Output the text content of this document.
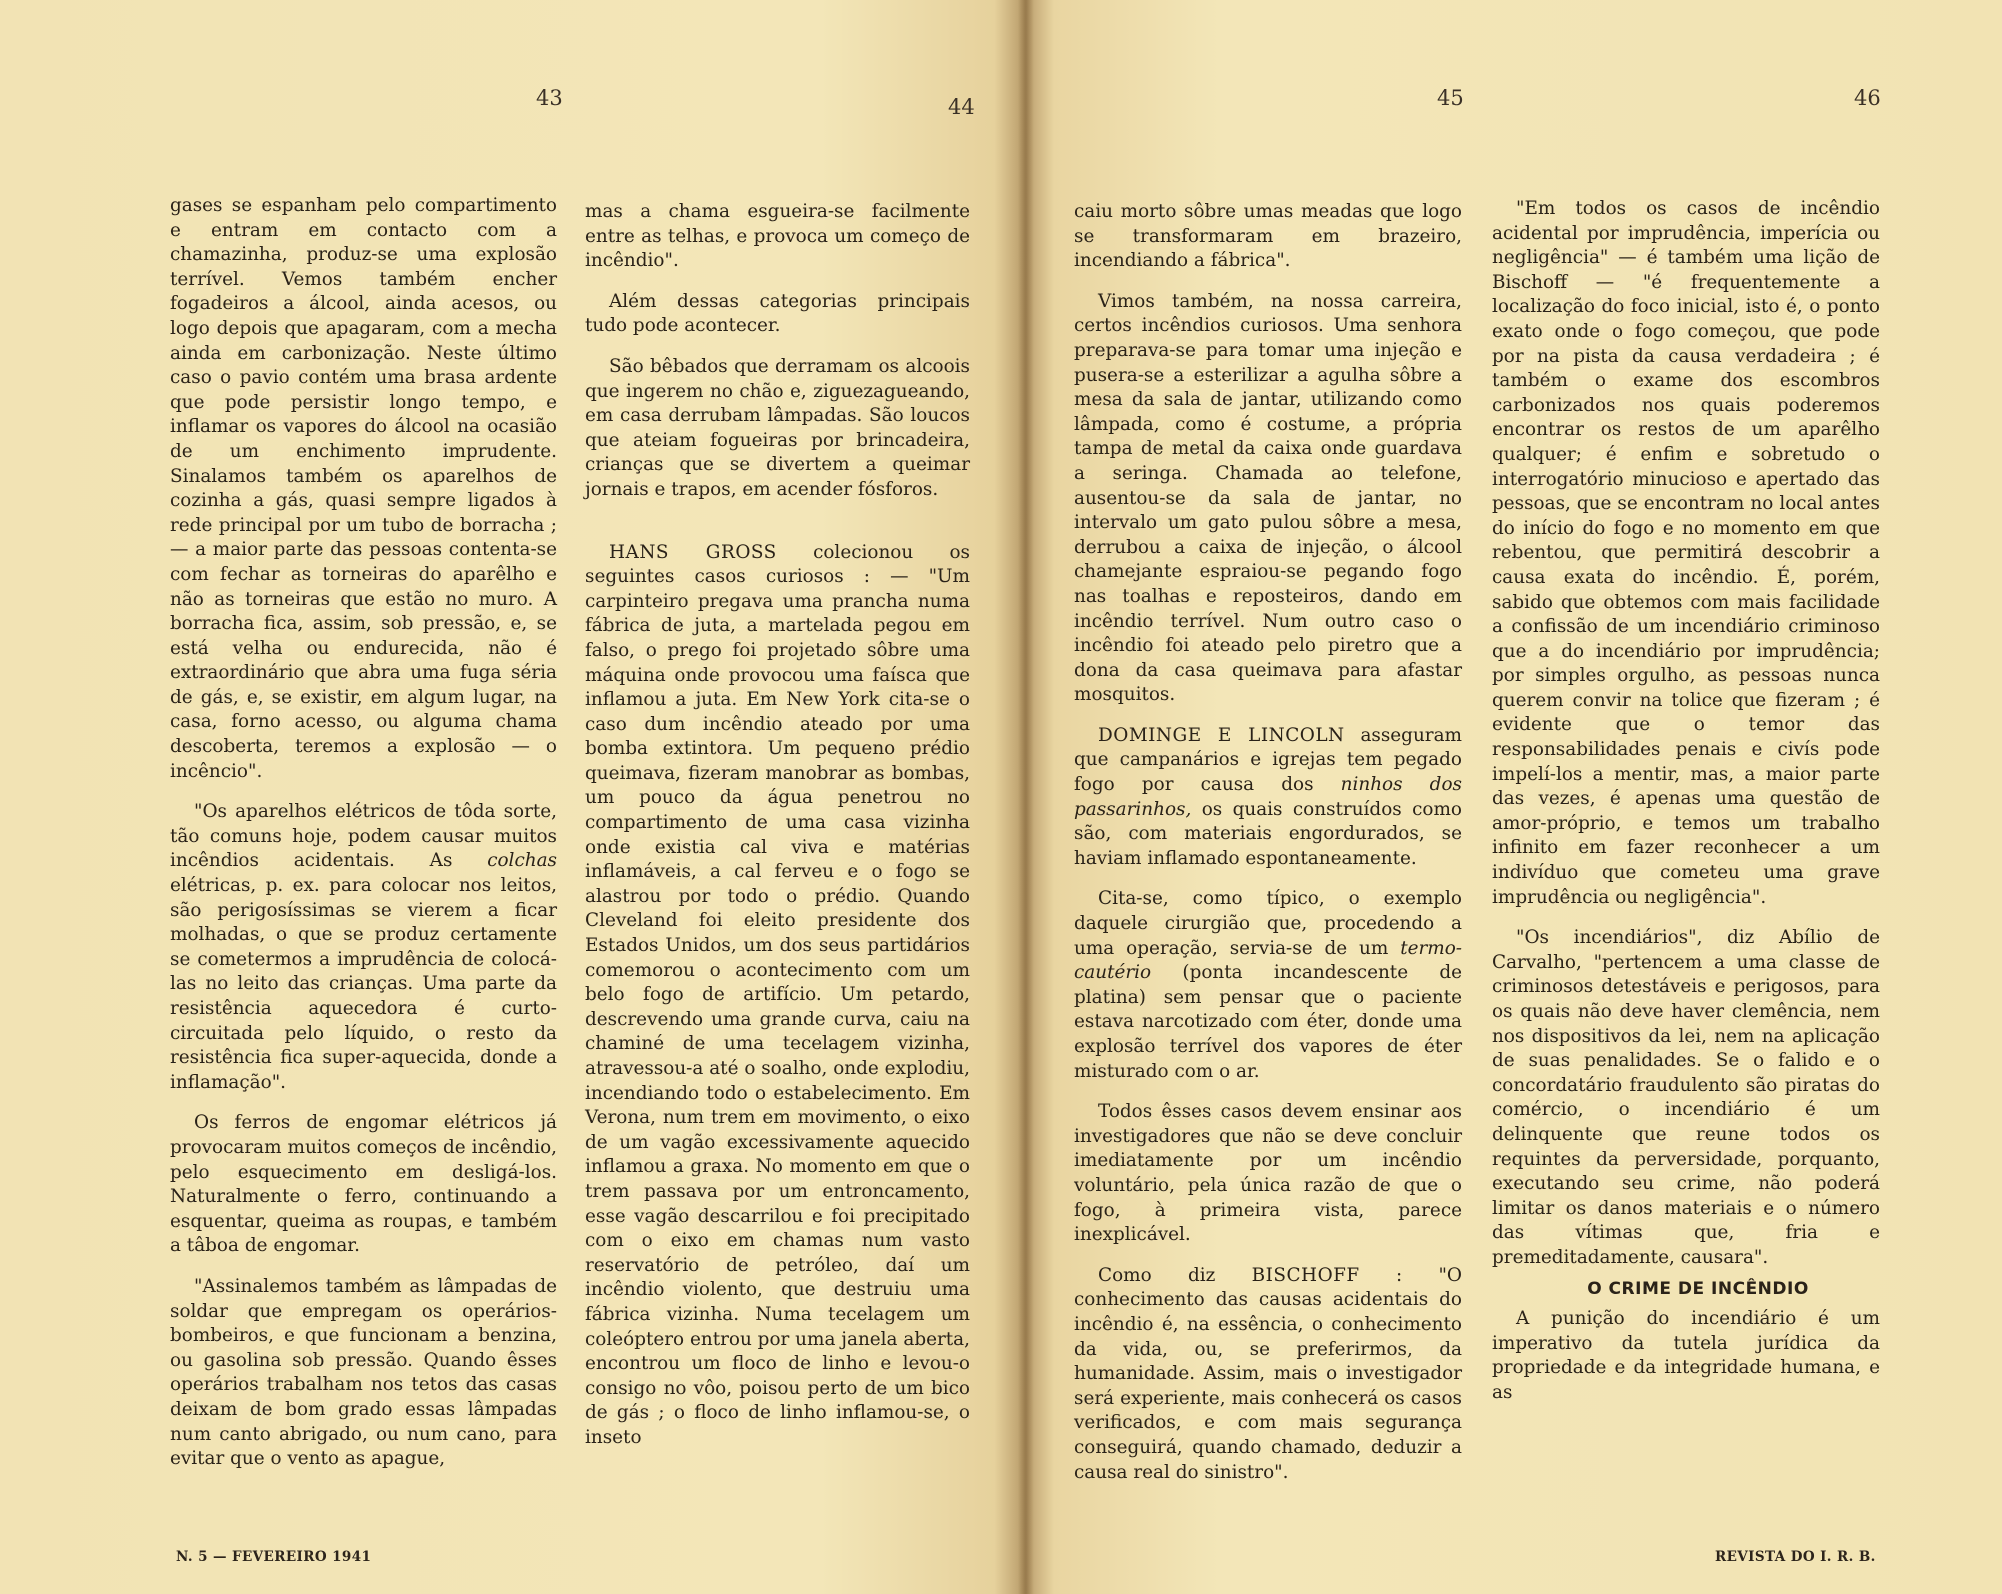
43	44	45	46

gases se espanham pelo compartimento e entram em contacto com a chamazinha, produz-se uma explosão terrível. Vemos também encher fogadeiros a álcool, ainda acesos, ou logo depois que apagaram, com a mecha ainda em carbonização. Neste último caso o pavio contém uma brasa ardente que pode persistir longo tempo, e inflamar os vapores do álcool na ocasião de um enchimento imprudente. Sinalamos também os aparelhos de cozinha a gás, quasi sempre ligados à rede principal por um tubo de borracha ; — a maior parte das pessoas contenta-se com fechar as torneiras do aparêlho e não as torneiras que estão no muro. A borracha fica, assim, sob pressão, e, se está velha ou endurecida, não é extraordinário que abra uma fuga séria de gás, e, se existir, em algum lugar, na casa, forno acesso, ou alguma chama descoberta, teremos a explosão — o incêncio".

"Os aparelhos elétricos de tôda sorte, tão comuns hoje, podem causar muitos incêndios acidentais. As colchas elétricas, p. ex. para colocar nos leitos, são perigosíssimas se vierem a ficar molhadas, o que se produz certamente se cometermos a imprudência de colocá-las no leito das crianças. Uma parte da resistência aquecedora é curto-circuitada pelo líquido, o resto da resistência fica super-aquecida, donde a inflamação".

Os ferros de engomar elétricos já provocaram muitos começos de incêndio, pelo esquecimento em desligá-los. Naturalmente o ferro, continuando a esquentar, queima as roupas, e também a tâboa de engomar.

"Assinalemos também as lâmpadas de soldar que empregam os operários-bombeiros, e que funcionam a benzina, ou gasolina sob pressão. Quando êsses operários trabalham nos tetos das casas deixam de bom grado essas lâmpadas num canto abrigado, ou num cano, para evitar que o vento as apague,

N. 5 — FEVEREIRO 1941

mas a chama esgueira-se facilmente entre as telhas, e provoca um começo de incêndio".

Além dessas categorias principais tudo pode acontecer.

São bêbados que derramam os alcoois que ingerem no chão e, ziguezagueando, em casa derrubam lâmpadas. São loucos que ateiam fogueiras por brincadeira, crianças que se divertem a queimar jornais e trapos, em acender fósforos.

HANS GROSS colecionou os seguintes casos curiosos : — "Um carpinteiro pregava uma prancha numa fábrica de juta, a martelada pegou em falso, o prego foi projetado sôbre uma máquina onde provocou uma faísca que inflamou a juta. Em New York cita-se o caso dum incêndio ateado por uma bomba extintora. Um pequeno prédio queimava, fizeram manobrar as bombas, um pouco da água penetrou no compartimento de uma casa vizinha onde existia cal viva e matérias inflamáveis, a cal ferveu e o fogo se alastrou por todo o prédio. Quando Cleveland foi eleito presidente dos Estados Unidos, um dos seus partidários comemorou o acontecimento com um belo fogo de artifício. Um petardo, descrevendo uma grande curva, caiu na chaminé de uma tecelagem vizinha, atravessou-a até o soalho, onde explodiu, incendiando todo o estabelecimento. Em Verona, num trem em movimento, o eixo de um vagão excessivamente aquecido inflamou a graxa. No momento em que o trem passava por um entroncamento, esse vagão descarrilou e foi precipitado com o eixo em chamas num vasto reservatório de petróleo, daí um incêndio violento, que destruiu uma fábrica vizinha. Numa tecelagem um coleóptero entrou por uma janela aberta, encontrou um floco de linho e levou-o consigo no vôo, poisou perto de um bico de gás ; o floco de linho inflamou-se, o inseto

caiu morto sôbre umas meadas que logo se transformaram em brazeiro, incendiando a fábrica".

Vimos também, na nossa carreira, certos incêndios curiosos. Uma senhora preparava-se para tomar uma injeção e pusera-se a esterilizar a agulha sôbre a mesa da sala de jantar, utilizando como lâmpada, como é costume, a própria tampa de metal da caixa onde guardava a seringa. Chamada ao telefone, ausentou-se da sala de jantar, no intervalo um gato pulou sôbre a mesa, derrubou a caixa de injeção, o álcool chamejante espraiou-se pegando fogo nas toalhas e reposteiros, dando em incêndio terrível. Num outro caso o incêndio foi ateado pelo piretro que a dona da casa queimava para afastar mosquitos.

DOMINGE E LINCOLN asseguram que campanários e igrejas tem pegado fogo por causa dos ninhos dos passarinhos, os quais construídos como são, com materiais engordurados, se haviam inflamado espontaneamente.

Cita-se, como típico, o exemplo daquele cirurgião que, procedendo a uma operação, servia-se de um termo-cautério (ponta incandescente de platina) sem pensar que o paciente estava narcotizado com éter, donde uma explosão terrível dos vapores de éter misturado com o ar.

Todos êsses casos devem ensinar aos investigadores que não se deve concluir imediatamente por um incêndio voluntário, pela única razão de que o fogo, à primeira vista, parece inexplicável.

Como diz BISCHOFF : "O conhecimento das causas acidentais do incêndio é, na essência, o conhecimento da vida, ou, se preferirmos, da humanidade. Assim, mais o investigador será experiente, mais conhecerá os casos verificados, e com mais segurança conseguirá, quando chamado, deduzir a causa real do sinistro".

"Em todos os casos de incêndio acidental por imprudência, imperícia ou negligência" — é também uma lição de Bischoff — "é frequentemente a localização do foco inicial, isto é, o ponto exato onde o fogo começou, que pode por na pista da causa verdadeira ; é também o exame dos escombros carbonizados nos quais poderemos encontrar os restos de um aparêlho qualquer; é enfim e sobretudo o interrogatório minucioso e apertado das pessoas, que se encontram no local antes do início do fogo e no momento em que rebentou, que permitirá descobrir a causa exata do incêndio. É, porém, sabido que obtemos com mais facilidade a confissão de um incendiário criminoso que a do incendiário por imprudência; por simples orgulho, as pessoas nunca querem convir na tolice que fizeram ; é evidente que o temor das responsabilidades penais e civís pode impelí-los a mentir, mas, a maior parte das vezes, é apenas uma questão de amor-próprio, e temos um trabalho infinito em fazer reconhecer a um indivíduo que cometeu uma grave imprudência ou negligência".

"Os incendiários", diz Abílio de Carvalho, "pertencem a uma classe de criminosos detestáveis e perigosos, para os quais não deve haver clemência, nem nos dispositivos da lei, nem na aplicação de suas penalidades. Se o falido e o concordatário fraudulento são piratas do comércio, o incendiário é um delinquente que reune todos os requintes da perversidade, porquanto, executando seu crime, não poderá limitar os danos materiais e o número das vítimas que, fria e premeditadamente, causara".

O CRIME DE INCÊNDIO

A punição do incendiário é um imperativo da tutela jurídica da propriedade e da integridade humana, e as

REVISTA DO I. R. B.
